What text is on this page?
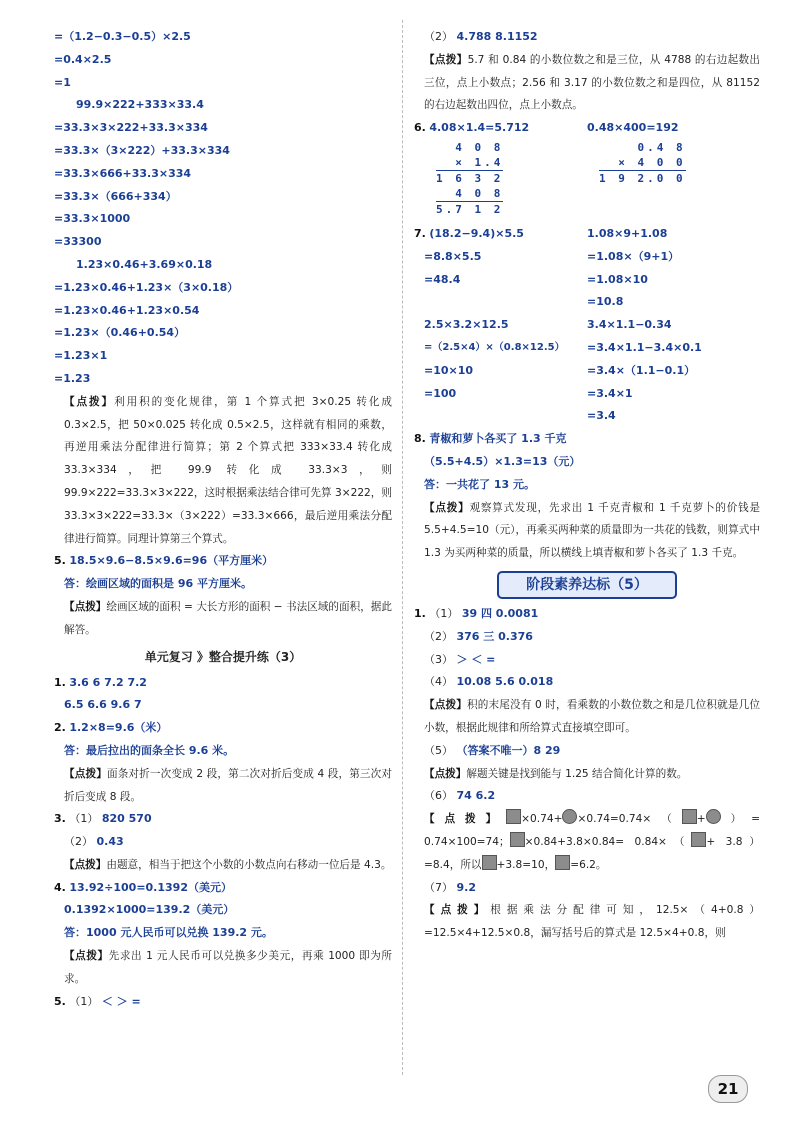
=（1.2−0.3−0.5）×2.5
=0.4×2.5
=1
99.9×222+333×33.4
=33.3×3×222+33.3×334
=33.3×（3×222）+33.3×334
=33.3×666+33.3×334
=33.3×（666+334）
=33.3×1000
=33300
1.23×0.46+3.69×0.18
=1.23×0.46+1.23×（3×0.18）
=1.23×0.46+1.23×0.54
=1.23×（0.46+0.54）
=1.23×1
=1.23
【点拨】利用积的变化规律，第 1 个算式把 3×0.25 转化成 0.3×2.5，把 50×0.025 转化成 0.5×2.5，这样就有相同的乘数，再逆用乘法分配律进行简算；第 2 个算式把 333×33.4 转化成 33.3×334，把 99.9 转化成 33.3×3，则 99.9×222=33.3×3×222，这时根据乘法结合律可先算 3×222，则 33.3×3×222=33.3×（3×222）=33.3×666，最后逆用乘法分配律进行简算。同理计算第三个算式。
5. 18.5×9.6−8.5×9.6=96（平方厘米）
答：绘画区域的面积是 96 平方厘米。
【点拨】绘画区域的面积 = 大长方形的面积 − 书法区域的面积，据此解答。
单元复习 》整合提升练（3）
1. 3.6 6 7.2 7.2
6.5 6.6 9.6 7
2. 1.2×8=9.6（米）
答：最后拉出的面条全长 9.6 米。
【点拨】面条对折一次变成 2 段，第二次对折后变成 4 段，第三次对折后变成 8 段。
3. （1） 820 570
（2） 0.43
【点拨】由题意，相当于把这个小数的小数点向右移动一位后是 4.3。
4. 13.92÷100=0.1392（美元）
0.1392×1000=139.2（美元）
答：1000 元人民币可以兑换 139.2 元。
【点拨】先求出 1 元人民币可以兑换多少美元，再乘 1000 即为所求。
5. （1） ＜ ＞ =
（2） 4.788 8.1152
【点拨】5.7 和 0.84 的小数位数之和是三位，从 4788 的右边起数出三位，点上小数点；2.56 和 3.17 的小数位数之和是四位，从 81152 的右边起数出四位，点上小数点。
6. 4.08×1.4=5.712
4 0 8
× 1.4
1 6 3 2
4 0 8
5.7 1 2
0.48×400=192
0.4 8
× 4 0 0
1 9 2.0 0
7. (18.2−9.4)×5.5
=8.8×5.5
=48.4
1.08×9+1.08
=1.08×（9+1）
=1.08×10
=10.8
2.5×3.2×12.5
=（2.5×4）×（0.8×12.5）
=10×10
=100
3.4×1.1−0.34
=3.4×1.1−3.4×0.1
=3.4×（1.1−0.1）
=3.4×1
=3.4
8. 青椒和萝卜各买了 1.3 千克
（5.5+4.5）×1.3=13（元）
答：一共花了 13 元。
【点拨】观察算式发现，先求出 1 千克青椒和 1 千克萝卜的价钱是 5.5+4.5=10（元），再乘买两种菜的质量即为一共花的钱数，则算式中 1.3 为买两种菜的质量，所以横线上填青椒和萝卜各买了 1.3 千克。
阶段素养达标（5）
1. （1） 39 四 0.0081
（2） 376 三 0.376
（3） ＞ ＜ =
（4） 10.08 5.6 0.018
【点拨】积的末尾没有 0 时，看乘数的小数位数之和是几位积就是几位小数，根据此规律和所给算式直接填空即可。
（5） （答案不唯一）8 29
【点拨】解题关键是找到能与 1.25 结合简化计算的数。
（6） 74 6.2
【点拨】 ×0.74+ ×0.74=0.74×（ + ）= 0.74×100=74； ×0.84+3.8×0.84= 0.84×（ + 3.8）=8.4，所以 +3.8=10， =6.2。
（7） 9.2
【点拨】根据乘法分配律可知，12.5×（4+0.8）=12.5×4+12.5×0.8，漏写括号后的算式是 12.5×4+0.8，则
21
